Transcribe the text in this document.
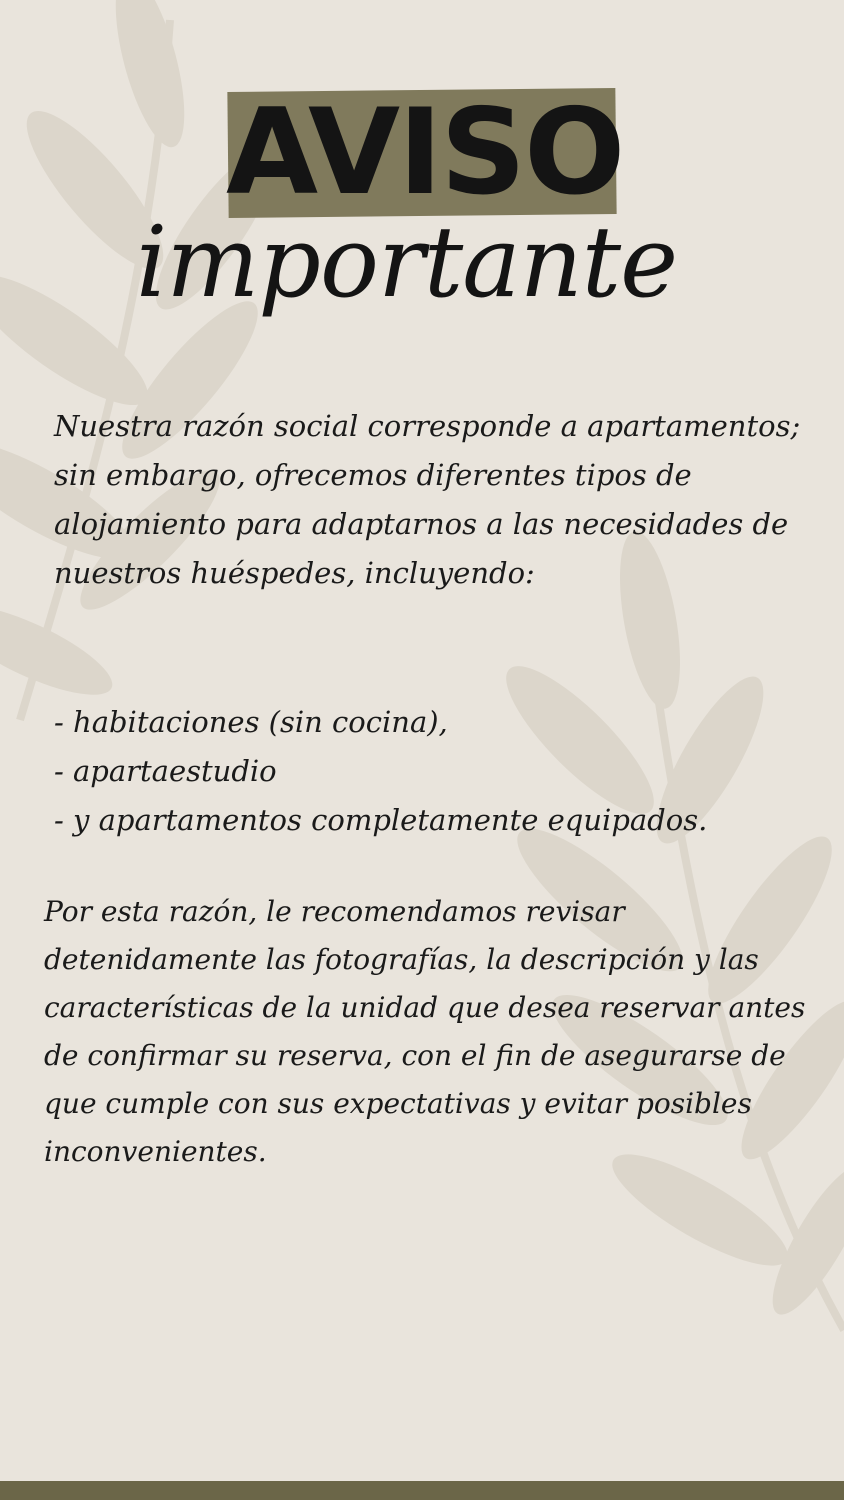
AVISO
importante

Nuestra razón social corresponde a apartamentos; sin embargo, ofrecemos diferentes tipos de alojamiento para adaptarnos a las necesidades de nuestros huéspedes, incluyendo:

- habitaciones (sin cocina),
- apartaestudio
- y apartamentos completamente equipados.

Por esta razón, le recomendamos revisar detenidamente las fotografías, la descripción y las características de la unidad que desea reservar antes de confirmar su reserva, con el fin de asegurarse de que cumple con sus expectativas y evitar posibles inconvenientes.
